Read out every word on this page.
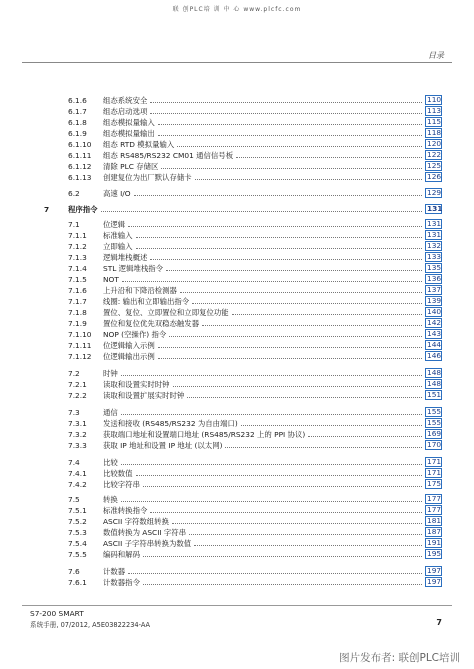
联 创PLC培 训 中 心 www.plcfc.com
目录
6.1.6 组态系统安全	110
6.1.7 组态启动选项	113
6.1.8 组态模拟量输入	115
6.1.9 组态模拟量输出	118
6.1.10 组态 RTD 模拟量输入	120
6.1.11 组态 RS485/RS232 CM01 通信信号板	122
6.1.12 清除 PLC 存储区	125
6.1.13 创建复位为出厂默认存储卡	126
6.2	高速 I/O	129
7	程序指令	131
7.1	位逻辑	131
7.1.1 标准输入	131
7.1.2 立即输入	132
7.1.3 逻辑堆栈概述	133
7.1.4 STL 逻辑堆栈指令	135
7.1.5 NOT	136
7.1.6 上升沿和下降沿检测器	137
7.1.7 线圈: 输出和立即输出指令	139
7.1.8 置位、复位、立即置位和立即复位功能	140
7.1.9 置位和复位优先双稳态触发器	142
7.1.10 NOP (空操作) 指令	143
7.1.11 位逻辑输入示例	144
7.1.12 位逻辑输出示例	146
7.2	时钟	148
7.2.1 读取和设置实时时钟	148
7.2.2 读取和设置扩展实时时钟	151
7.3	通信	155
7.3.1 发送和接收 (RS485/RS232 为自由端口)	155
7.3.2 获取端口地址和设置端口地址 (RS485/RS232 上的 PPI 协议)	169
7.3.3 获取 IP 地址和设置 IP 地址 (以太网)	170
7.4	比较	171
7.4.1 比较数值	171
7.4.2 比较字符串	175
7.5	转换	177
7.5.1 标准转换指令	177
7.5.2 ASCII 字符数组转换	181
7.5.3 数值转换为 ASCII 字符串	187
7.5.4 ASCII 子字符串转换为数值	191
7.5.5 编码和解码	195
7.6	计数器	197
7.6.1 计数器指令	197
S7-200 SMART
系统手册, 07/2012, A5E03822234-AA	7
图片发布者: 联创PLC培训
